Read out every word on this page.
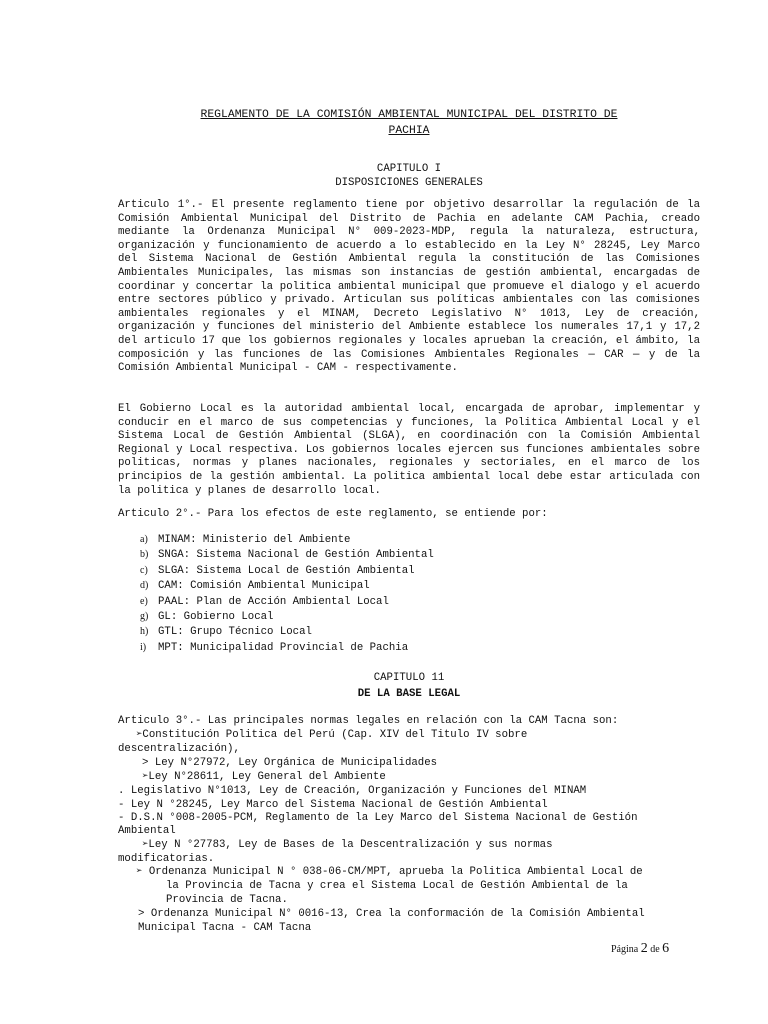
REGLAMENTO DE LA COMISIÓN AMBIENTAL MUNICIPAL DEL DISTRITO DE
PACHIA
CAPITULO I
DISPOSICIONES GENERALES
Articulo 1°.- El presente reglamento tiene por objetivo desarrollar la regulación de la Comisión Ambiental Municipal del Distrito de Pachia en adelante CAM Pachia, creado mediante la Ordenanza Municipal N° 009-2023-MDP, regula la naturaleza, estructura, organización y funcionamiento de acuerdo a lo establecido en la Ley N° 28245, Ley Marco del Sistema Nacional de Gestión Ambiental regula la constitución de las Comisiones Ambientales Municipales, las mismas son instancias de gestión ambiental, encargadas de coordinar y concertar la politica ambiental municipal que promueve el dialogo y el acuerdo entre sectores público y privado. Articulan sus políticas ambientales con las comisiones ambientales regionales y el MINAM, Decreto Legislativo N° 1013, Ley de creación, organización y funciones del ministerio del Ambiente establece los numerales 17,1 y 17,2 del articulo 17 que los gobiernos regionales y locales aprueban la creación, el ámbito, la composición y las funciones de las Comisiones Ambientales Regionales — CAR — y de la Comisión Ambiental Municipal - CAM - respectivamente.
El Gobierno Local es la autoridad ambiental local, encargada de aprobar, implementar y conducir en el marco de sus competencias y funciones, la Politica Ambiental Local y el Sistema Local de Gestión Ambiental (SLGA), en coordinación con la Comisión Ambiental Regional y Local respectiva. Los gobiernos locales ejercen sus funciones ambientales sobre politicas, normas y planes nacionales, regionales y sectoriales, en el marco de los principios de la gestión ambiental. La politica ambiental local debe estar articulada con la politica y planes de desarrollo local.
Articulo 2°.- Para los efectos de este reglamento, se entiende por:
a) MINAM: Ministerio del Ambiente
b) SNGA: Sistema Nacional de Gestión Ambiental
c) SLGA: Sistema Local de Gestión Ambiental
d) CAM: Comisión Ambiental Municipal
e) PAAL: Plan de Acción Ambiental Local
g) GL: Gobierno Local
h) GTL: Grupo Técnico Local
i) MPT: Municipalidad Provincial de Pachia
CAPITULO 11
DE LA BASE LEGAL
Articulo 3°.- Las principales normas legales en relación con la CAM Tacna son:
➢Constitución Politica del Perú (Cap. XIV del Titulo IV sobre
descentralización),
> Ley N°27972, Ley Orgánica de Municipalidades
➢Ley N°28611, Ley General del Ambiente
. Legislativo N°1013, Ley de Creación, Organización y Funciones del MINAM
- Ley N °28245, Ley Marco del Sistema Nacional de Gestión Ambiental
- D.S.N °008-2005-PCM, Reglamento de la Ley Marco del Sistema Nacional de Gestión
Ambiental
➢Ley N °27783, Ley de Bases de la Descentralización y sus normas
modificatorias.
➢ Ordenanza Municipal N ° 038-06-CM/MPT, aprueba la Politica Ambiental Local de
la Provincia de Tacna y crea el Sistema Local de Gestión Ambiental de la
Provincia de Tacna.
> Ordenanza Municipal N° 0016-13, Crea la conformación de la Comisión Ambiental
Municipal Tacna - CAM Tacna
Página 2 de 6
